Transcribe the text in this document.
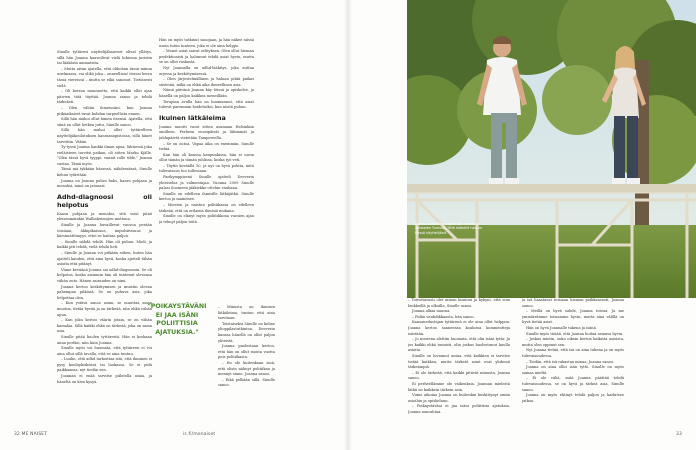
Sinulle tyttäresi näyttelijähaaveet olivat yllätys, sillä hän Joanna haaveilivat vielä lukiossa juristin tai lääkärin ammatista.

– Mutta aivan ajatella, että olihoban tässä minun unelmassa, vai olikö joku – onneellisia! itsessi herra tässä viereissä – mutta se eikä sanonut. Tietoisesti vielä

– Oli kerran muunnettu, että kaikki ollut ajan päivien tätä täyttää. Joanna sanoo ja tehdä tärkeästi.

– Olen vähän ihmeissäni, kun Joanna pitkäaikaiset tavat kohdan tarpeellista ennen.

Sillä hän muhoi ollut hänen itsensä. Ajatella, että siinä en ollut hetken juttu, Sinulle sanoo.

Sillä hän muhoi ollut tyttärelleen näyttelijäkoulutuksen kanssanopistossa, sillä hänet tarvittiin. Vähän

Ty-tyssä Joanna hankki ilman apua, lähtiessä joku vieläisteen tarvitsi paikan, oli sitten Marko Kjälle. "Olen tässä hyvä tyyppi, vannit rolle tilde," Joanna vastaa. Tämä myös.

Tämä mä tykkään hänessä, nähdessässä, Sinulle kehuu tytärtään.

Joanna on Joanna puhes hahs, hanes pohjaan ja menoksi, minä on jatonasi.

Adhd-diagnoosi oli helpotus

Kaasu pohjaan ja menoksi, sitä voisi pitää yleisenmäinkin Wallinheimojen mottona.

Sinulle ja Joanna huvaillevat vauvoa perään toisiaan, äkkipikaisuus, impulsiivisuus ja kärsimättömyys, ettei se haittaa paljon.

– Sinulle nähdä tehdä. Hän oli puhuu. Mieli, ja kaikki piti tehdä, vielä tehdä heti.

– Sinulle ja Joanna voi pitkään siihen, kuten hän ajatteli kauden, että aina hyvä, koska ajatteli tähän asioita että pitänyt.

Viime keväänä Joanna sai adhd-diagnoosin. Se oli helpotus, koska aiemmin hän oli tuntenut olevansa vähän outo. Hänen sairauden on nimi.

Joanna kertoo keskittymisen ja muistin olevan pahempaa pitkissä. Se on puhuva asia, joka helpottaa oloa.

– Kun ystävä sanoo asian, se muuttaa asian muotoa, tietää hyvää ja on tärkeää, niin ehkä vähän apua.

– Kun joku kertoo väärin jotain, se on vähän kamalaa. Sillä kaikki ehkä on tärkeää, joka on sama asia.

Sinulle pitää huolen tyttärestä. Hän ei koskaan anna periksi, niin kuin Joanna.

Sinulle myös voi huomata, että tyttäreen ei voi aina ollut sillä tavalla, että se aina tuntuu.

– Luulin, että adhd tarkoittaa sitä, että ihminen ei pysy kouluyksikössä tai luokassa. Se ei pidä paikkaansa, nyt tiedän sen.

Joannan ei enää tarvitse piilotella asiaa, ja häneltä on kiva kysyä.

Hän on myös tutkinut sanojaan, ja hän näkee niissä usein tutun tunteen, joka ei ole aina helppo.

– Monet asiat saivat selityksen. Olen ollut hieman perfektionisti ja halunnut tehdä asiat hyvin, mutta se on ollut raskasta.

Nyt Joannalla on adhd-lääkitys, joka auttaa arjessa ja keskittymisessä.

– Olen järjestelmällinen ja haluan pitää paikat siisteinä, mikä on ehkä aika ihmeellinen asia.

Nämä päivänä Joanna käy töissä ja opiskelee, ja hänellä on paljon kaikkea meneillään.

Terapian avulla hän on huomannut, että asiat tulevat paremmin hoidetuiksi, kun niistä puhuu.

Ikuinen lätkäleima

Joanna muutti vuosi sitten asumaan Helsinkiin omilleen. Perheen vuosipäivät ja lähimmät ja juhlapäivät vietetään Tampereella.

– Se on outoa. Vapaa aika on enemmän, Sinulle tietää.

Kun hän oli kanssa kaupunkissa, hän ei usein ollut tämän ja tämän juhlissa, koska työ veti.

– Täytin keväällä 50, ja nyt on hyvä pohtia, mitä tulevaisuus tuo tullessaan.

Parikymppisenä Sinulle ajatteli Deeverin yhteiseloa ja valmentajaa. Vuonna 2009 Sinulle palasi Suomeen jääkiekko-ottelun vanhana.

Sinulle on edelleen ihmisille lätkäjätkä. Sinulle kertoo ja mainitsee.

– Miesten ja naisten politiikassa on edelleen tärkeää, että on erilaisia ihmisiä mukana.

Sinulle on elänyt myös poliitikkona vuosien ajan ja tehnyt paljon töitä.

– Minusta on ihmisen lätkäleima, tuntuu että aina tarvitaan.

Toistaiseksi Sinulle on kolme ylioppilastutkintoa. Deeverin kanssa hänellä on ollut paljon yhteistä.

Joanna puolestaan kertoo, että hän on ollut monta vuotta pois politiikasta.

– En ole kuitenkaan sinä, että olisin nähnyt politiikan ja mennyt sinne, Joanna sanoo.

– Eikä pelkään sillä. Sinulle sanoo.

"POIKAYSTÄVÄNI
EI JAA ISÄNI
POLIITTISIA
AJATUKSIA."
32 ME NAISET	is.fi/menaiset

– Toivottavasti olet minun kuntoni ja kykyni, että voin lenkkeillä ja ulkoilla, Sinulle sanoo.

Joanna alkaa nauraa.

– Pidän vauhdikkaasta, hän sanoo.

Kansanedustajan tyttärenä ei ole aina ollut helppoa. Joanna kertoo saaneensa koulussa kommentteja isästään.

– Jo nuorena alettiin huomata, että olin isäni tytär. Ja jos kaikki ehkä tunnisti, olin joskus huolestunut kuulla asioita.

Sinulle on luvannut antaa, että kaikkien ei tarvitse tietää kaikkea, mutta tärkeät asiat ovat yhdessä tärkeämpiä.

– Ei ole tärkeää, että kaikki pitävät minusta, Joanna sanoo.

Ei perheellämme ole vaikeuksia. Joannan mielestä lätkä on kaikkein tärkein asia.

Viime aikoina Joanna on kuitenkin keskittynyt omiin asioihin ja opiskeluun.

– Poikaystäväni ei jaa isäni poliittisia ajatuksia, Joanna naurahtaa.

ja isä haastavat toisiaan hieman poikkeavasti, Joanna sanoo.

– Meillä on hyvä suhde, Joanna toteaa. Ja me ymmärrämme toisiamme hyvin, mutta aina välillä on hyvä tietää asiat.

Hän on hyvä Joannalle tukena ja isänä.

Sinulle myös tietää, että Joanna hoitaa asiansa hyvin.

– Joskus mietin, onko oikein kertoa kaikista asioista, mutta olen oppinut sen.

Nyt Joanna tietää, että isä on aina tukena ja on myös tulevaisuudessa.

– Tiedän, että isä rakastaa minua, Joanna sanoo.

Joanna on aina ollut isän tyttö. Sinulle on myös samaa mieltä.

– Ei ole väliä, mitä Joanna päättää tehdä tulevaisuudessa, se on hyvä ja tärkeä asia, Sinulle sanoo.

Joanna on myös ehtinyt tehdä paljon ja harkitsee jatkoa.

33
Joanna haaveilee näyttelijän urasta ja opiskelee Turussa. Tällä hetkellä hän on töissä näyttelijänä.
